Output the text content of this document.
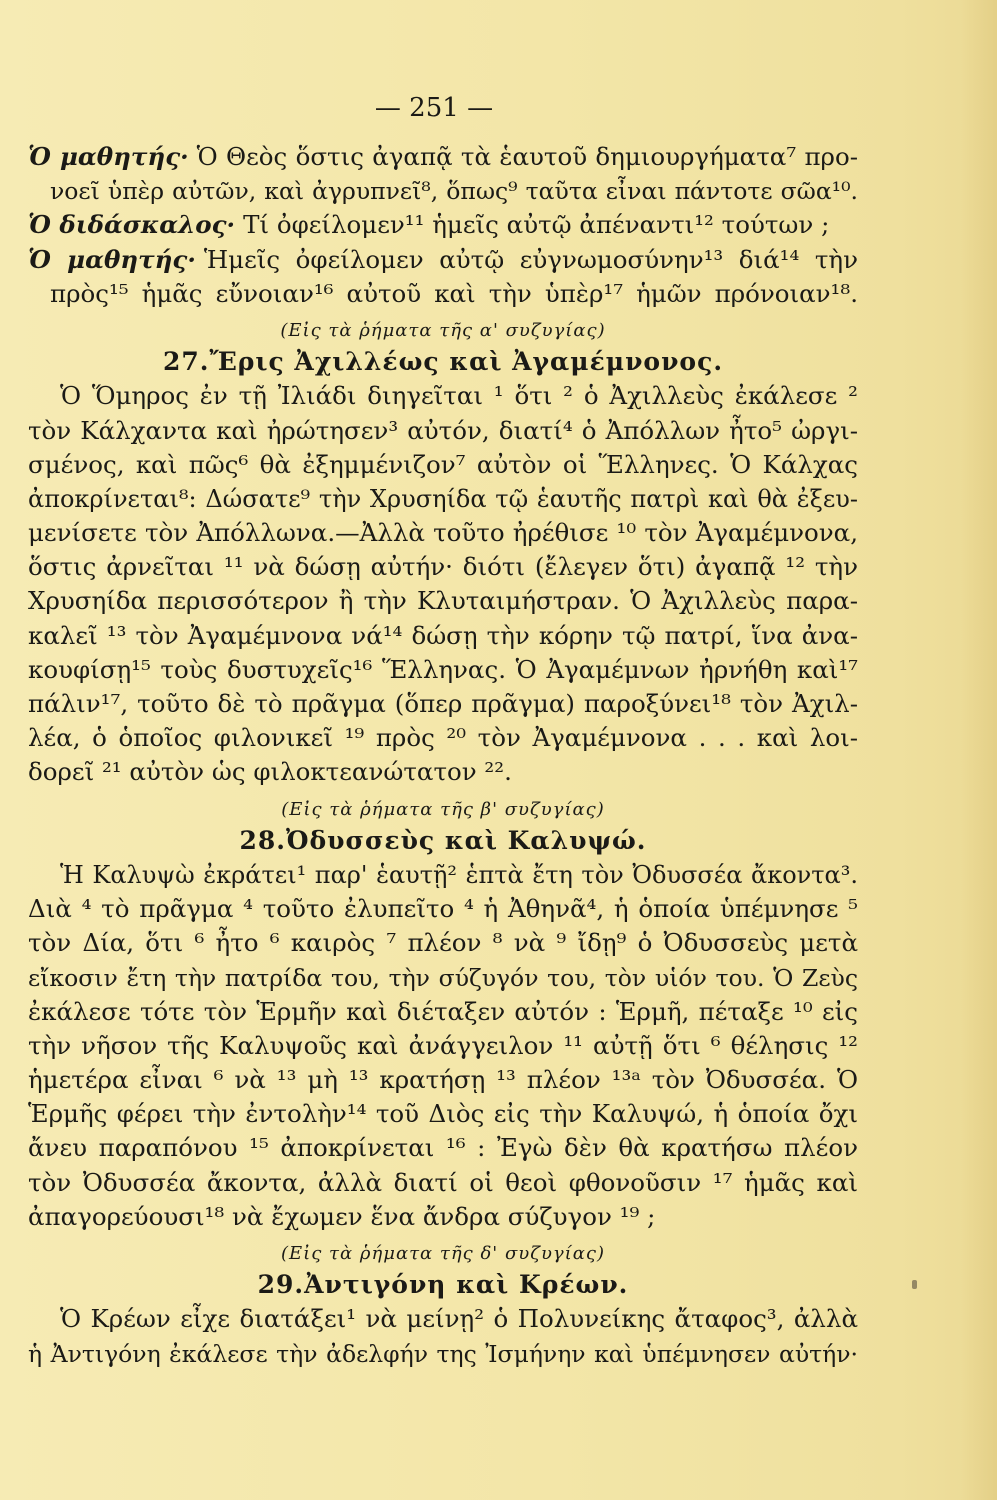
— 251 —
Ὁ μαθητής· Ὁ Θεὸς ὅστις ἀγαπᾷ τὰ ἑαυτοῦ δημιουργήματα⁷ προ-
νοεῖ ὑπὲρ αὐτῶν, καὶ ἀγρυπνεῖ⁸, ὅπως⁹ ταῦτα εἶναι πάντοτε σῶα¹⁰.
Ὁ διδάσκαλος· Τί ὀφείλομεν¹¹ ἡμεῖς αὐτῷ ἀπέναντι¹² τούτων ;
Ὁ μαθητής· Ἡμεῖς ὀφείλομεν αὐτῷ εὐγνωμοσύνην¹³ διά¹⁴ τὴν
πρὸς¹⁵ ἡμᾶς εὔνοιαν¹⁶ αὐτοῦ καὶ τὴν ὑπὲρ¹⁷ ἡμῶν πρόνοιαν¹⁸.
(Εἰς τὰ ῥήματα τῆς α' συζυγίας)
27.Ἔρις Ἀχιλλέως καὶ Ἀγαμέμνονος.
Ὁ Ὅμηρος ἐν τῇ Ἰλιάδι διηγεῖται ¹ ὅτι ² ὁ Ἀχιλλεὺς ἐκάλεσε ²
τὸν Κάλχαντα καὶ ἠρώτησεν³ αὐτόν, διατί⁴ ὁ Ἀπόλλων ἦτο⁵ ὠργι-
σμένος, καὶ πῶς⁶ θὰ ἐξημμένιζον⁷ αὐτὸν οἱ Ἕλληνες. Ὁ Κάλχας
ἀποκρίνεται⁸: Δώσατε⁹ τὴν Χρυσηίδα τῷ ἑαυτῆς πατρὶ καὶ θὰ ἐξευ-
μενίσετε τὸν Ἀπόλλωνα.—Ἀλλὰ τοῦτο ἠρέθισε ¹⁰ τὸν Ἀγαμέμνονα,
ὅστις ἀρνεῖται ¹¹ νὰ δώσῃ αὐτήν· διότι (ἔλεγεν ὅτι) ἀγαπᾷ ¹² τὴν
Χρυσηίδα περισσότερον ἢ τὴν Κλυταιμήστραν. Ὁ Ἀχιλλεὺς παρα-
καλεῖ ¹³ τὸν Ἀγαμέμνονα νά¹⁴ δώσῃ τὴν κόρην τῷ πατρί, ἵνα ἀνα-
κουφίσῃ¹⁵ τοὺς δυστυχεῖς¹⁶ Ἕλληνας. Ὁ Ἀγαμέμνων ἠρνήθη καὶ¹⁷
πάλιν¹⁷, τοῦτο δὲ τὸ πρᾶγμα (ὅπερ πρᾶγμα) παροξύνει¹⁸ τὸν Ἀχιλ-
λέα, ὁ ὁποῖος φιλονικεῖ ¹⁹ πρὸς ²⁰ τὸν Ἀγαμέμνονα . . . καὶ λοι-
δορεῖ ²¹ αὐτὸν ὡς φιλοκτεανώτατον ²².
(Εἰς τὰ ῥήματα τῆς β' συζυγίας)
28.Ὀδυσσεὺς καὶ Καλυψώ.
Ἡ Καλυψὼ ἐκράτει¹ παρ' ἑαυτῇ² ἑπτὰ ἔτη τὸν Ὀδυσσέα ἄκοντα³.
Διὰ ⁴ τὸ πρᾶγμα ⁴ τοῦτο ἐλυπεῖτο ⁴ ἡ Ἀθηνᾶ⁴, ἡ ὁποία ὑπέμνησε ⁵
τὸν Δία, ὅτι ⁶ ἦτο ⁶ καιρὸς ⁷ πλέον ⁸ νὰ ⁹ ἴδῃ⁹ ὁ Ὀδυσσεὺς μετὰ
εἴκοσιν ἔτη τὴν πατρίδα του, τὴν σύζυγόν του, τὸν υἱόν του. Ὁ Ζεὺς
ἐκάλεσε τότε τὸν Ἑρμῆν καὶ διέταξεν αὐτόν : Ἑρμῆ, πέταξε ¹⁰ εἰς
τὴν νῆσον τῆς Καλυψοῦς καὶ ἀνάγγειλον ¹¹ αὐτῇ ὅτι ⁶ θέλησις ¹²
ἡμετέρα εἶναι ⁶ νὰ ¹³ μὴ ¹³ κρατήσῃ ¹³ πλέον ¹³ᵃ τὸν Ὀδυσσέα. Ὁ
Ἑρμῆς φέρει τὴν ἐντολὴν¹⁴ τοῦ Διὸς εἰς τὴν Καλυψώ, ἡ ὁποία ὄχι
ἄνευ παραπόνου ¹⁵ ἀποκρίνεται ¹⁶ : Ἐγὼ δὲν θὰ κρατήσω πλέον
τὸν Ὀδυσσέα ἄκοντα, ἀλλὰ διατί οἱ θεοὶ φθονοῦσιν ¹⁷ ἡμᾶς καὶ
ἀπαγορεύουσι¹⁸ νὰ ἔχωμεν ἕνα ἄνδρα σύζυγον ¹⁹ ;
(Εἰς τὰ ῥήματα τῆς δ' συζυγίας)
29.Ἀντιγόνη καὶ Κρέων.
Ὁ Κρέων εἶχε διατάξει¹ νὰ μείνῃ² ὁ Πολυνείκης ἄταφος³, ἀλλὰ
ἡ Ἀντιγόνη ἐκάλεσε τὴν ἀδελφήν της Ἰσμήνην καὶ ὑπέμνησεν αὐτήν·
